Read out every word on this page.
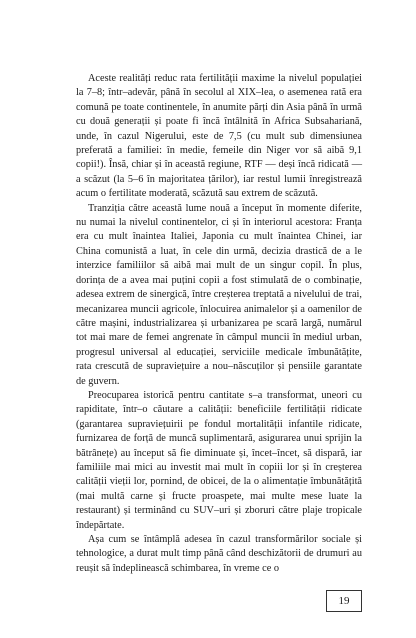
Aceste realități reduc rata fertilității maxime la nivelul populației la 7–8; într–adevăr, până în secolul al XIX–lea, o asemenea rată era comună pe toate continentele, în anumite părți din Asia până în urmă cu două generații și poate fi încă întâlnită în Africa Subsahariană, unde, în cazul Nigerului, este de 7,5 (cu mult sub dimensiunea preferată a familiei: în medie, femeile din Niger vor să aibă 9,1 copii!). Însă, chiar și în această regiune, RTF — deși încă ridicată — a scăzut (la 5–6 în majoritatea țărilor), iar restul lumii înregistrează acum o fertilitate moderată, scăzută sau extrem de scăzută.

Tranziția către această lume nouă a început în momente diferite, nu numai la nivelul continentelor, ci și în interiorul acestora: Franța era cu mult înaintea Italiei, Japonia cu mult înaintea Chinei, iar China comunistă a luat, în cele din urmă, decizia drastică de a le interzice familiilor să aibă mai mult de un singur copil. În plus, dorința de a avea mai puțini copii a fost stimulată de o combinație, adesea extrem de sinergică, între creșterea treptată a nivelului de trai, mecanizarea muncii agricole, înlocuirea animalelor și a oamenilor de către mașini, industrializarea și urbanizarea pe scară largă, numărul tot mai mare de femei angrenate în câmpul muncii în mediul urban, progresul universal al educației, serviciile medicale îmbunătățite, rata crescută de supraviețuire a nou–născuților și pensiile garantate de guvern.

Preocuparea istorică pentru cantitate s–a transformat, uneori cu rapiditate, într–o căutare a calității: beneficiile fertilității ridicate (garantarea supraviețuirii pe fondul mortalității infantile ridicate, furnizarea de forță de muncă suplimentară, asigurarea unui sprijin la bătrânețe) au început să fie diminuate și, încet–încet, să dispară, iar familiile mai mici au investit mai mult în copiii lor și în creșterea calității vieții lor, pornind, de obicei, de la o alimentație îmbunătățită (mai multă carne și fructe proaspete, mai multe mese luate la restaurant) și terminând cu SUV–uri și zboruri către plaje tropicale îndepărtate.

Așa cum se întâmplă adesea în cazul transformărilor sociale și tehnologice, a durat mult timp până când deschizătorii de drumuri au reușit să îndeplinească schimbarea, în vreme ce o

19
